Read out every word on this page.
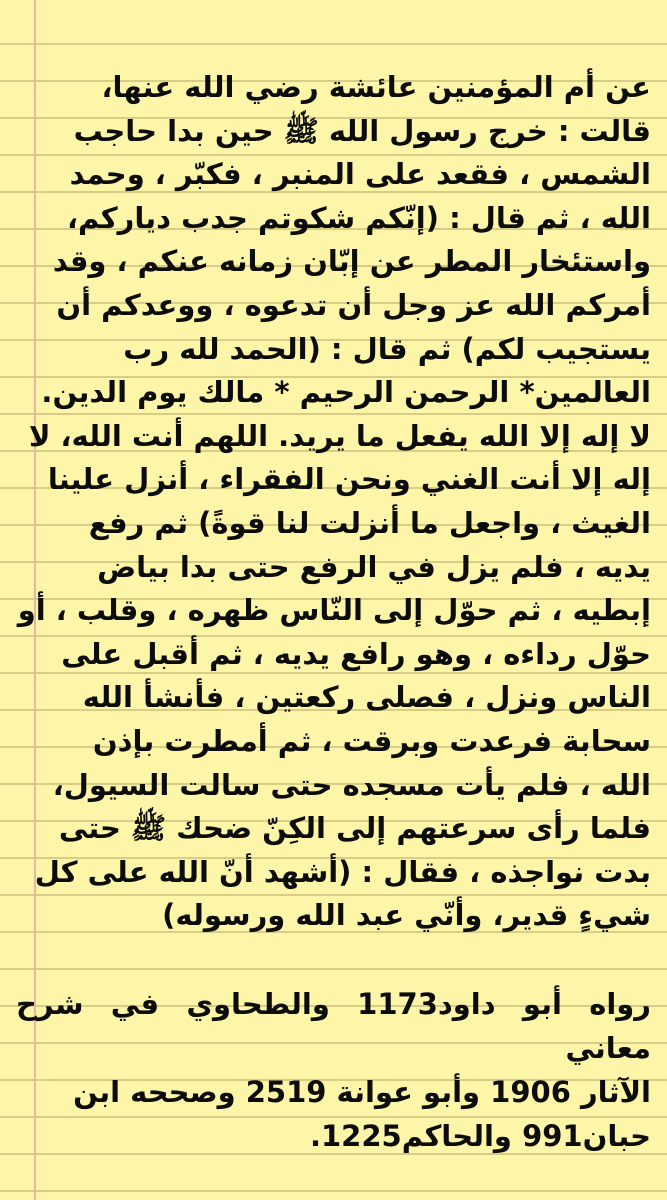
عن أم المؤمنين عائشة رضي الله عنها،
قالت : خرج رسول الله ﷺ حين بدا حاجب
الشمس ، فقعد على المنبر ، فكبّر ، وحمد
الله ، ثم قال : (إنّكم شكوتم جدب دياركم،
واستئخار المطر عن إبّان زمانه عنكم ، وقد
أمركم الله عز وجل أن تدعوه ، ووعدكم أن
يستجيب لكم) ثم قال : (الحمد لله رب
العالمين* الرحمن الرحيم * مالك يوم الدين.
لا إله إلا الله يفعل ما يريد. اللهم أنت الله، لا
إله إلا أنت الغني ونحن الفقراء ، أنزل علينا
الغيث ، واجعل ما أنزلت لنا قوةً) ثم رفع
يديه ، فلم يزل في الرفع حتى بدا بياض
إبطيه ، ثم حوّل إلى النّاس ظهره ، وقلب ، أو
حوّل رداءه ، وهو رافع يديه ، ثم أقبل على
الناس ونزل ، فصلى ركعتين ، فأنشأ الله
سحابة فرعدت وبرقت ، ثم أمطرت بإذن
الله ، فلم يأت مسجده حتى سالت السيول،
فلما رأى سرعتهم إلى الكِنّ ضحك ﷺ حتى
بدت نواجذه ، فقال : (أشهد أنّ الله على كل
شيءٍ قدير، وأنّي عبد الله ورسوله)

رواه أبو داود1173 والطحاوي في شرح معاني
الآثار 1906 وأبو عوانة 2519 وصححه ابن
حبان991 والحاكم1225.
